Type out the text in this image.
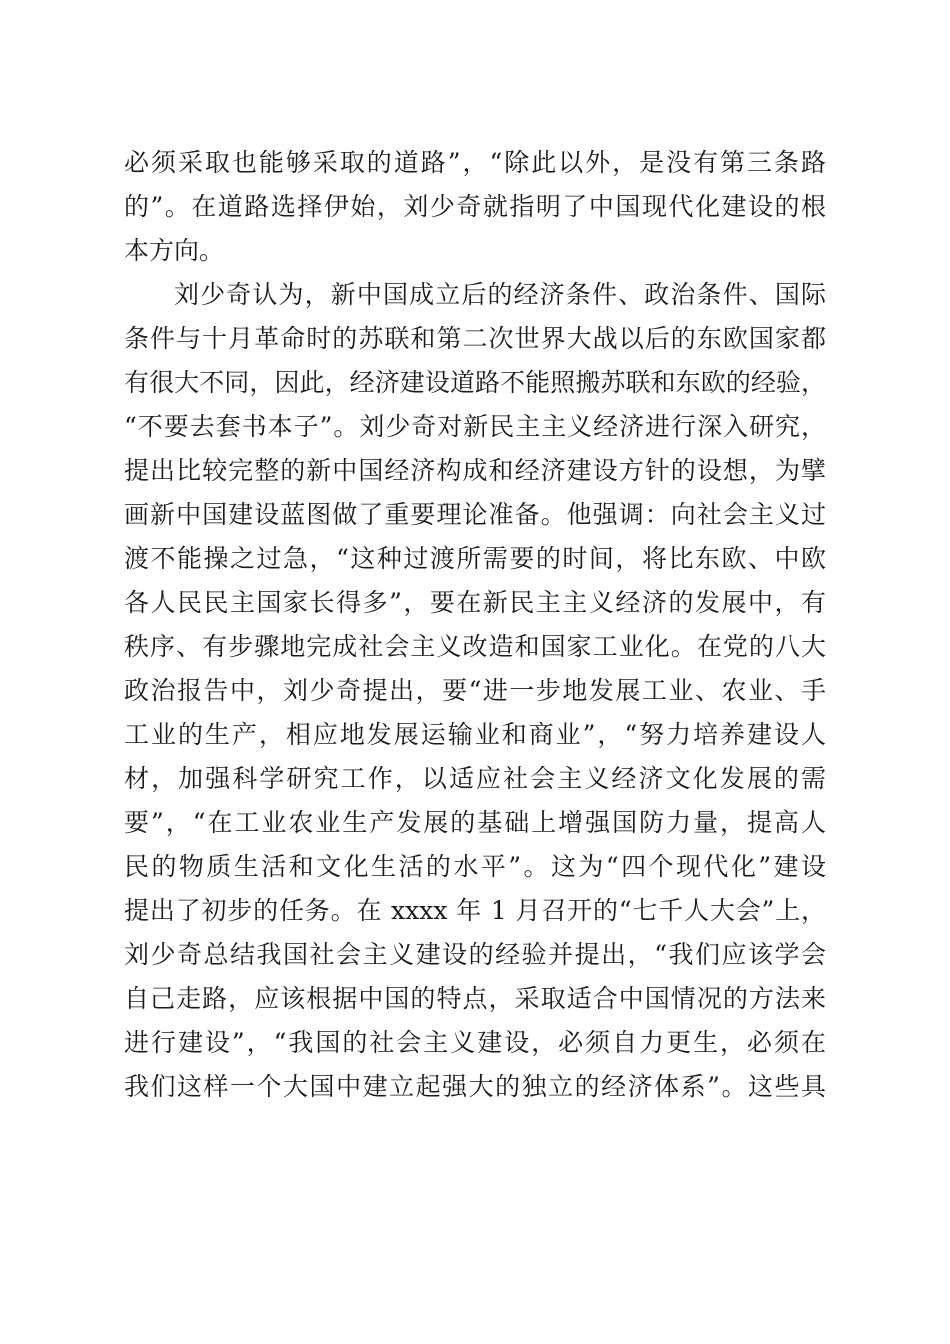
必须采取也能够采取的道路”，“除此以外，是没有第三条路
的”。在道路选择伊始，刘少奇就指明了中国现代化建设的根
本方向。
刘少奇认为，新中国成立后的经济条件、政治条件、国际
条件与十月革命时的苏联和第二次世界大战以后的东欧国家都
有很大不同，因此，经济建设道路不能照搬苏联和东欧的经验，
“不要去套书本子”。刘少奇对新民主主义经济进行深入研究，
提出比较完整的新中国经济构成和经济建设方针的设想，为擘
画新中国建设蓝图做了重要理论准备。他强调：向社会主义过
渡不能操之过急，“这种过渡所需要的时间，将比东欧、中欧
各人民民主国家长得多”，要在新民主主义经济的发展中，有
秩序、有步骤地完成社会主义改造和国家工业化。在党的八大
政治报告中，刘少奇提出，要“进一步地发展工业、农业、手
工业的生产，相应地发展运输业和商业”，“努力培养建设人
材，加强科学研究工作，以适应社会主义经济文化发展的需
要”，“在工业农业生产发展的基础上增强国防力量，提高人
民的物质生活和文化生活的水平”。这为“四个现代化”建设
提出了初步的任务。在 xxxx 年 1 月召开的“七千人大会”上，
刘少奇总结我国社会主义建设的经验并提出，“我们应该学会
自己走路，应该根据中国的特点，采取适合中国情况的方法来
进行建设”，“我国的社会主义建设，必须自力更生，必须在
我们这样一个大国中建立起强大的独立的经济体系”。这些具
